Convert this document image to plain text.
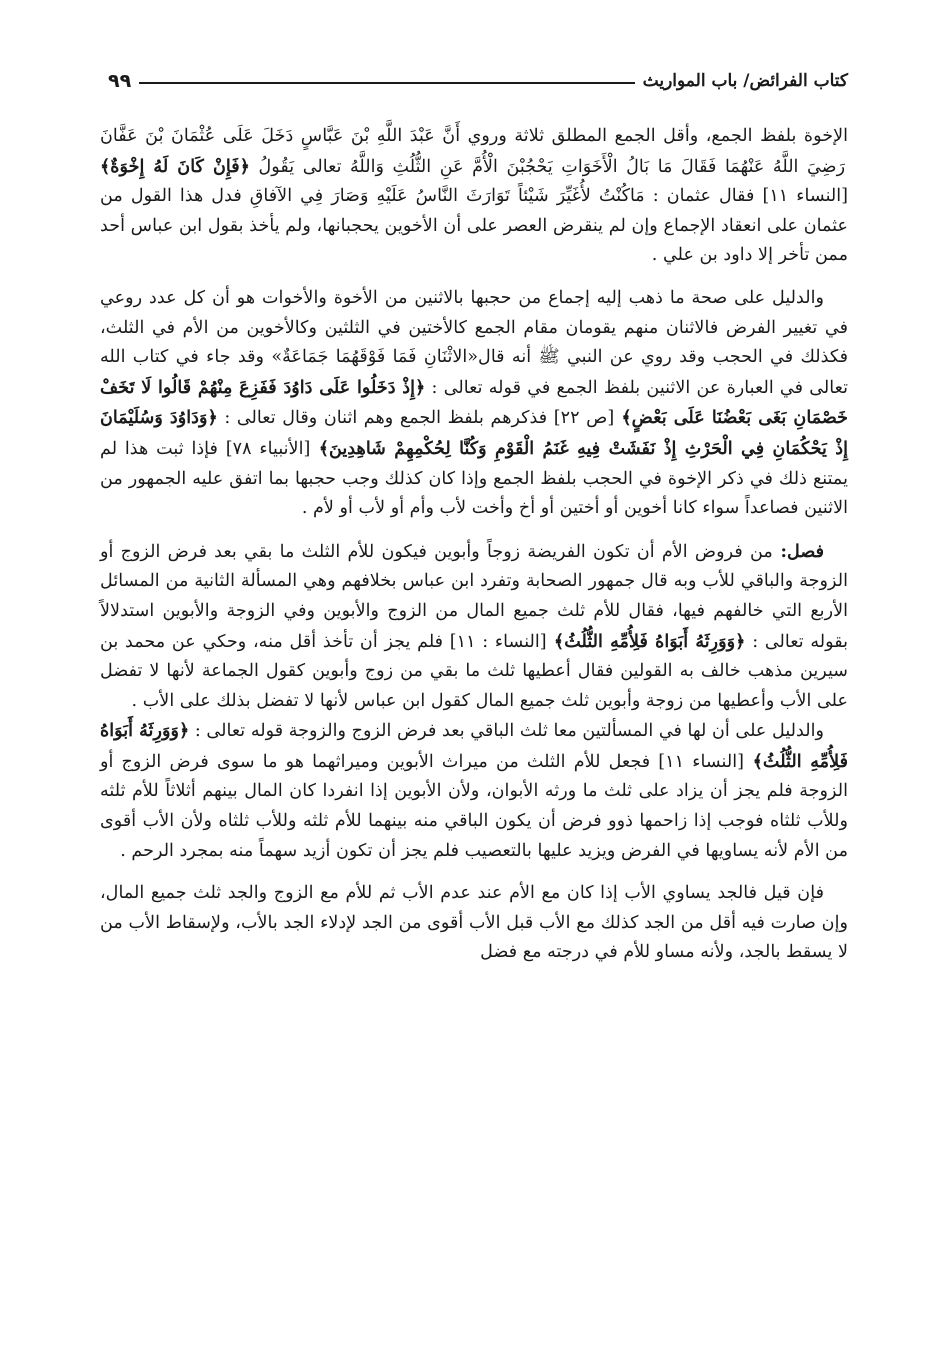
كتاب الفرائض/ باب المواريث
٩٩

الإخوة بلفظ الجمع، وأقل الجمع المطلق ثلاثة وروي أَنَّ عَبْدَ اللَّهِ بْنَ عَبَّاسٍ دَخَلَ عَلَى عُثْمَانَ بْنَ عَفَّانَ رَضِيَ اللَّهُ عَنْهُمَا فَقَالَ مَا بَالُ الْأَخَوَاتِ يَحْجُبْنَ الْأُمَّ عَنِ الثُّلُثِ وَاللَّهُ تعالى يَقُولُ ﴿فَإِنْ كَانَ لَهُ إِخْوَةٌ﴾ [النساء ١١] فقال عثمان : مَاكُنْتُ لأُغَيِّرَ شَيْئاً تَوَارَثَ النَّاسُ عَلَيْهِ وَصَارَ فِي الآفاقِ فدل هذا القول من عثمان على انعقاد الإجماع وإن لم ينقرض العصر على أن الأخوين يحجبانها، ولم يأخذ بقول ابن عباس أحد ممن تأخر إلا داود بن علي .

والدليل على صحة ما ذهب إليه إجماع من حجبها بالاثنين من الأخوة والأخوات هو أن كل عدد روعي في تغيير الفرض فالاثنان منهم يقومان مقام الجمع كالأختين في الثلثين وكالأخوين من الأم في الثلث، فكذلك في الحجب وقد روي عن النبي ﷺ أنه قال«الاثْنَانِ فَمَا فَوْقَهُمَا جَمَاعَةٌ» وقد جاء في كتاب الله تعالى في العبارة عن الاثنين بلفظ الجمع في قوله تعالى : ﴿إِذْ دَخَلُوا عَلَى دَاوُدَ فَفَزِعَ مِنْهُمْ قَالُوا لَا تَخَفْ خَصْمَانِ بَغَى بَعْضُنَا عَلَى بَعْضٍ﴾ [ص ٢٢] فذكرهم بلفظ الجمع وهم اثنان وقال تعالى : ﴿وَدَاوُدَ وَسُلَيْمَانَ إِذْ يَحْكُمَانِ فِي الْحَرْثِ إِذْ نَفَشَتْ فِيهِ غَنَمُ الْقَوْمِ وَكُنَّا لِحُكْمِهِمْ شَاهِدِينَ﴾ [الأنبياء ٧٨] فإذا ثبت هذا لم يمتنع ذلك في ذكر الإخوة في الحجب بلفظ الجمع وإذا كان كذلك وجب حجبها بما اتفق عليه الجمهور من الاثنين فصاعداً سواء كانا أخوين أو أختين أو أخ وأخت لأب وأم أو لأب أو لأم .

فصل: من فروض الأم أن تكون الفريضة زوجاً وأبوين فيكون للأم الثلث ما بقي بعد فرض الزوج أو الزوجة والباقي للأب وبه قال جمهور الصحابة وتفرد ابن عباس بخلافهم وهي المسألة الثانية من المسائل الأربع التي خالفهم فيها، فقال للأم ثلث جميع المال من الزوج والأبوين وفي الزوجة والأبوين استدلالاً بقوله تعالى : ﴿وَوَرِثَهُ أَبَوَاهُ فَلِأُمِّهِ الثُّلُثُ﴾ [النساء : ١١] فلم يجز أن تأخذ أقل منه، وحكي عن محمد بن سيرين مذهب خالف به القولين فقال أعطيها ثلث ما بقي من زوج وأبوين كقول الجماعة لأنها لا تفضل على الأب وأعطيها من زوجة وأبوين ثلث جميع المال كقول ابن عباس لأنها لا تفضل بذلك على الأب .

والدليل على أن لها في المسألتين معا ثلث الباقي بعد فرض الزوج والزوجة قوله تعالى : ﴿وَوَرِثَهُ أَبَوَاهُ فَلِأُمِّهِ الثُّلُثُ﴾ [النساء ١١] فجعل للأم الثلث من ميراث الأبوين وميراثهما هو ما سوى فرض الزوج أو الزوجة فلم يجز أن يزاد على ثلث ما ورثه الأبوان، ولأن الأبوين إذا انفردا كان المال بينهم أثلاثاً للأم ثلثه وللأب ثلثاه فوجب إذا زاحمها ذوو فرض أن يكون الباقي منه بينهما للأم ثلثه وللأب ثلثاه ولأن الأب أقوى من الأم لأنه يساويها في الفرض ويزيد عليها بالتعصيب فلم يجز أن تكون أزيد سهماً منه بمجرد الرحم .

فإن قيل فالجد يساوي الأب إذا كان مع الأم عند عدم الأب ثم للأم مع الزوج والجد ثلث جميع المال، وإن صارت فيه أقل من الجد كذلك مع الأب قبل الأب أقوى من الجد لإدلاء الجد بالأب، ولإسقاط الأب من لا يسقط بالجد، ولأنه مساو للأم في درجته مع فضل
